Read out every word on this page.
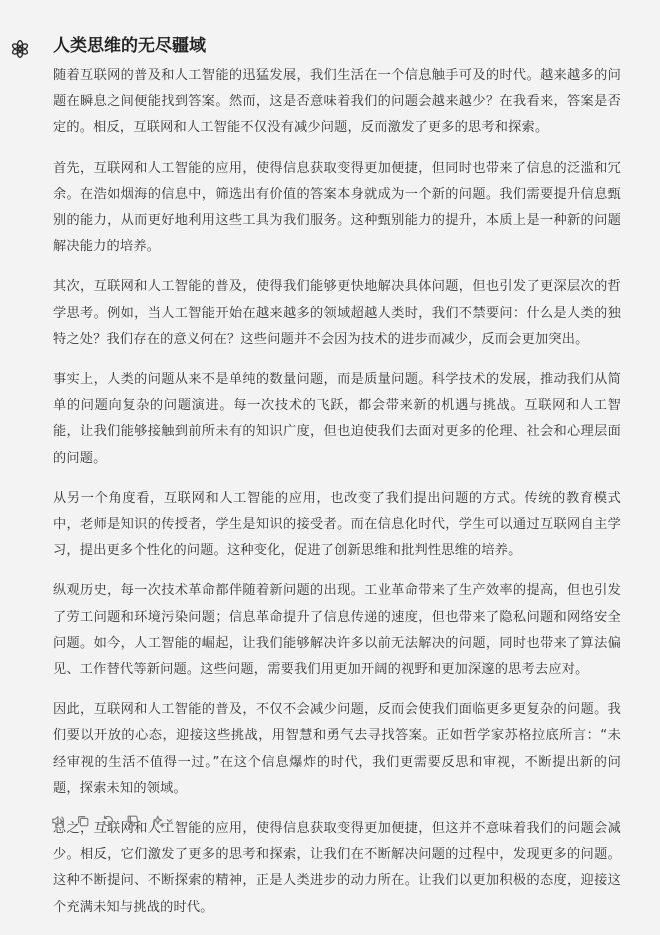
人类思维的无尽疆域

随着互联网的普及和人工智能的迅猛发展，我们生活在一个信息触手可及的时代。越来越多的问题在瞬息之间便能找到答案。然而，这是否意味着我们的问题会越来越少？在我看来，答案是否定的。相反，互联网和人工智能不仅没有减少问题，反而激发了更多的思考和探索。

首先，互联网和人工智能的应用，使得信息获取变得更加便捷，但同时也带来了信息的泛滥和冗余。在浩如烟海的信息中，筛选出有价值的答案本身就成为一个新的问题。我们需要提升信息甄别的能力，从而更好地利用这些工具为我们服务。这种甄别能力的提升，本质上是一种新的问题解决能力的培养。

其次，互联网和人工智能的普及，使得我们能够更快地解决具体问题，但也引发了更深层次的哲学思考。例如，当人工智能开始在越来越多的领域超越人类时，我们不禁要问：什么是人类的独特之处？我们存在的意义何在？这些问题并不会因为技术的进步而减少，反而会更加突出。

事实上，人类的问题从来不是单纯的数量问题，而是质量问题。科学技术的发展，推动我们从简单的问题向复杂的问题演进。每一次技术的飞跃，都会带来新的机遇与挑战。互联网和人工智能，让我们能够接触到前所未有的知识广度，但也迫使我们去面对更多的伦理、社会和心理层面的问题。

从另一个角度看，互联网和人工智能的应用，也改变了我们提出问题的方式。传统的教育模式中，老师是知识的传授者，学生是知识的接受者。而在信息化时代，学生可以通过互联网自主学习，提出更多个性化的问题。这种变化，促进了创新思维和批判性思维的培养。

纵观历史，每一次技术革命都伴随着新问题的出现。工业革命带来了生产效率的提高，但也引发了劳工问题和环境污染问题；信息革命提升了信息传递的速度，但也带来了隐私问题和网络安全问题。如今，人工智能的崛起，让我们能够解决许多以前无法解决的问题，同时也带来了算法偏见、工作替代等新问题。这些问题，需要我们用更加开阔的视野和更加深邃的思考去应对。

因此，互联网和人工智能的普及，不仅不会减少问题，反而会使我们面临更多更复杂的问题。我们要以开放的心态，迎接这些挑战，用智慧和勇气去寻找答案。正如哲学家苏格拉底所言：“未经审视的生活不值得一过。”在这个信息爆炸的时代，我们更需要反思和审视，不断提出新的问题，探索未知的领域。

总之，互联网和人工智能的应用，使得信息获取变得更加便捷，但这并不意味着我们的问题会减少。相反，它们激发了更多的思考和探索，让我们在不断解决问题的过程中，发现更多的问题。这种不断提问、不断探索的精神，正是人类进步的动力所在。让我们以更加积极的态度，迎接这个充满未知与挑战的时代。
